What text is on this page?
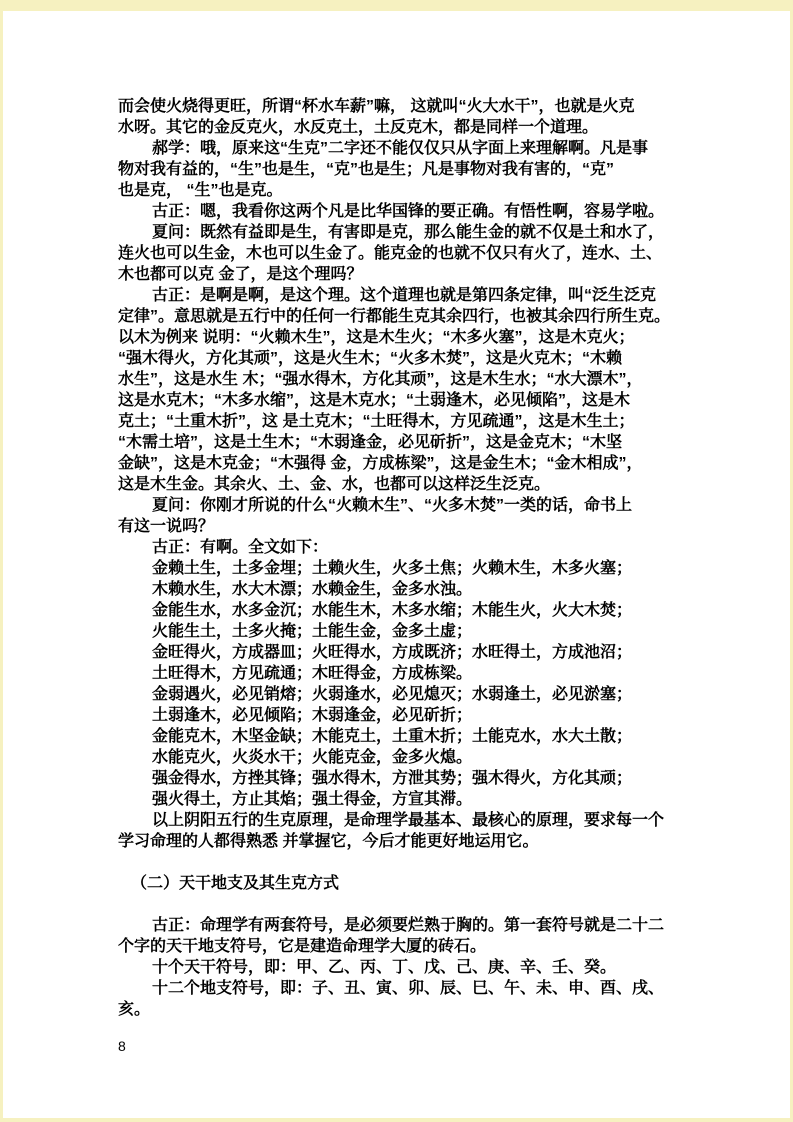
而会使火烧得更旺，所谓“杯水车薪”嘛， 这就叫“火大水干”，也就是火克
水呀。其它的金反克火，水反克土，土反克木，都是同样一个道理。
郝学：哦，原来这“生克”二字还不能仅仅只从字面上来理解啊。凡是事
物对我有益的，“生”也是生，“克”也是生；凡是事物对我有害的，“克”
也是克， “生”也是克。
古正：嗯，我看你这两个凡是比华国锋的要正确。有悟性啊，容易学啦。
夏问：既然有益即是生，有害即是克，那么能生金的就不仅是土和水了，
连火也可以生金，木也可以生金了。能克金的也就不仅只有火了，连水、土、
木也都可以克 金了，是这个理吗？
古正：是啊是啊，是这个理。这个道理也就是第四条定律，叫“泛生泛克
定律”。意思就是五行中的任何一行都能生克其余四行，也被其余四行所生克。
以木为例来 说明：“火赖木生”，这是木生火；“木多火塞”，这是木克火；
“强木得火，方化其顽”，这是火生木；“火多木焚”，这是火克木；“木赖
水生”，这是水生 木；“强水得木，方化其顽”，这是木生水；“水大漂木”，
这是水克木；“木多水缩”，这是木克水；“土弱逢木，必见倾陷”，这是木
克土；“土重木折”，这 是土克木；“土旺得木，方见疏通”，这是木生土；
“木需土培”，这是土生木；“木弱逢金，必见斫折”，这是金克木；“木坚
金缺”，这是木克金；“木强得 金，方成栋梁”，这是金生木；“金木相成”，
这是木生金。其余火、土、金、水，也都可以这样泛生泛克。
夏问：你刚才所说的什么“火赖木生”、“火多木焚”一类的话，命书上
有这一说吗？
古正：有啊。全文如下：
金赖土生，土多金埋；土赖火生，火多土焦；火赖木生，木多火塞；
木赖水生，水大木漂；水赖金生，金多水浊。
金能生水，水多金沉；水能生木，木多水缩；木能生火，火大木焚；
火能生土，土多火掩；土能生金，金多土虚；
金旺得火，方成器皿；火旺得水，方成既济；水旺得土，方成池沼；
土旺得木，方见疏通；木旺得金，方成栋梁。
金弱遇火，必见销熔；火弱逢水，必见熄灭；水弱逢土，必见淤塞；
土弱逢木，必见倾陷；木弱逢金，必见斫折；
金能克木，木坚金缺；木能克土，土重木折；土能克水，水大土散；
水能克火，火炎水干；火能克金，金多火熄。
强金得水，方挫其锋；强水得木，方泄其势；强木得火，方化其顽；
强火得土，方止其焰；强土得金，方宣其滞。
以上阴阳五行的生克原理，是命理学最基本、最核心的原理，要求每一个
学习命理的人都得熟悉 并掌握它，今后才能更好地运用它。
（二）天干地支及其生克方式
古正：命理学有两套符号，是必须要烂熟于胸的。第一套符号就是二十二
个字的天干地支符号，它是建造命理学大厦的砖石。
十个天干符号，即：甲、乙、丙、丁、戊、己、庚、辛、壬、癸。
十二个地支符号，即：子、丑、寅、卯、辰、巳、午、未、申、酉、戌、
亥。
8
